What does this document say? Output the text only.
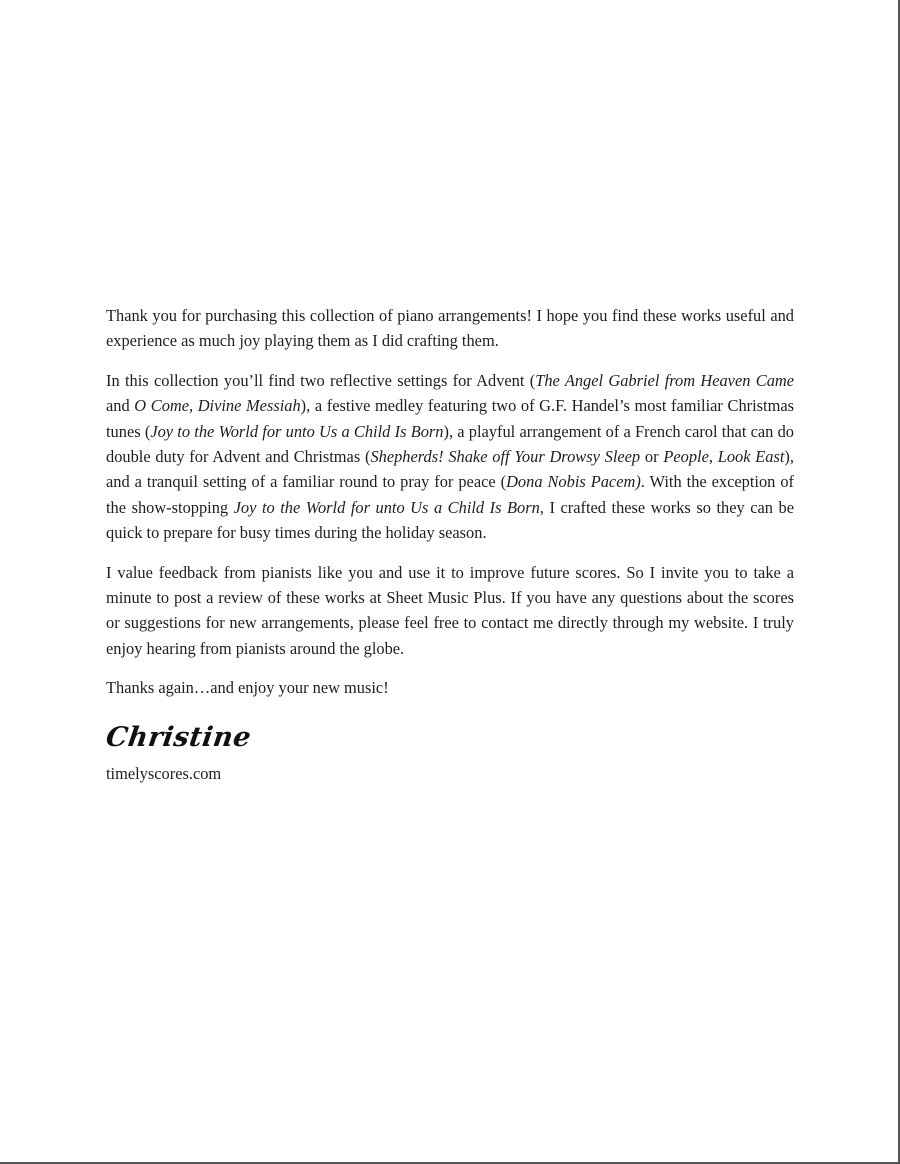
Thank you for purchasing this collection of piano arrangements! I hope you find these works useful and experience as much joy playing them as I did crafting them.

In this collection you’ll find two reflective settings for Advent (The Angel Gabriel from Heaven Came and O Come, Divine Messiah), a festive medley featuring two of G.F. Handel’s most familiar Christmas tunes (Joy to the World for unto Us a Child Is Born), a playful arrangement of a French carol that can do double duty for Advent and Christmas (Shepherds! Shake off Your Drowsy Sleep or People, Look East), and a tranquil setting of a familiar round to pray for peace (Dona Nobis Pacem). With the exception of the show-stopping Joy to the World for unto Us a Child Is Born, I crafted these works so they can be quick to prepare for busy times during the holiday season.

I value feedback from pianists like you and use it to improve future scores. So I invite you to take a minute to post a review of these works at Sheet Music Plus. If you have any questions about the scores or suggestions for new arrangements, please feel free to contact me directly through my website. I truly enjoy hearing from pianists around the globe.

Thanks again…and enjoy your new music!

Christine

timelyscores.com
